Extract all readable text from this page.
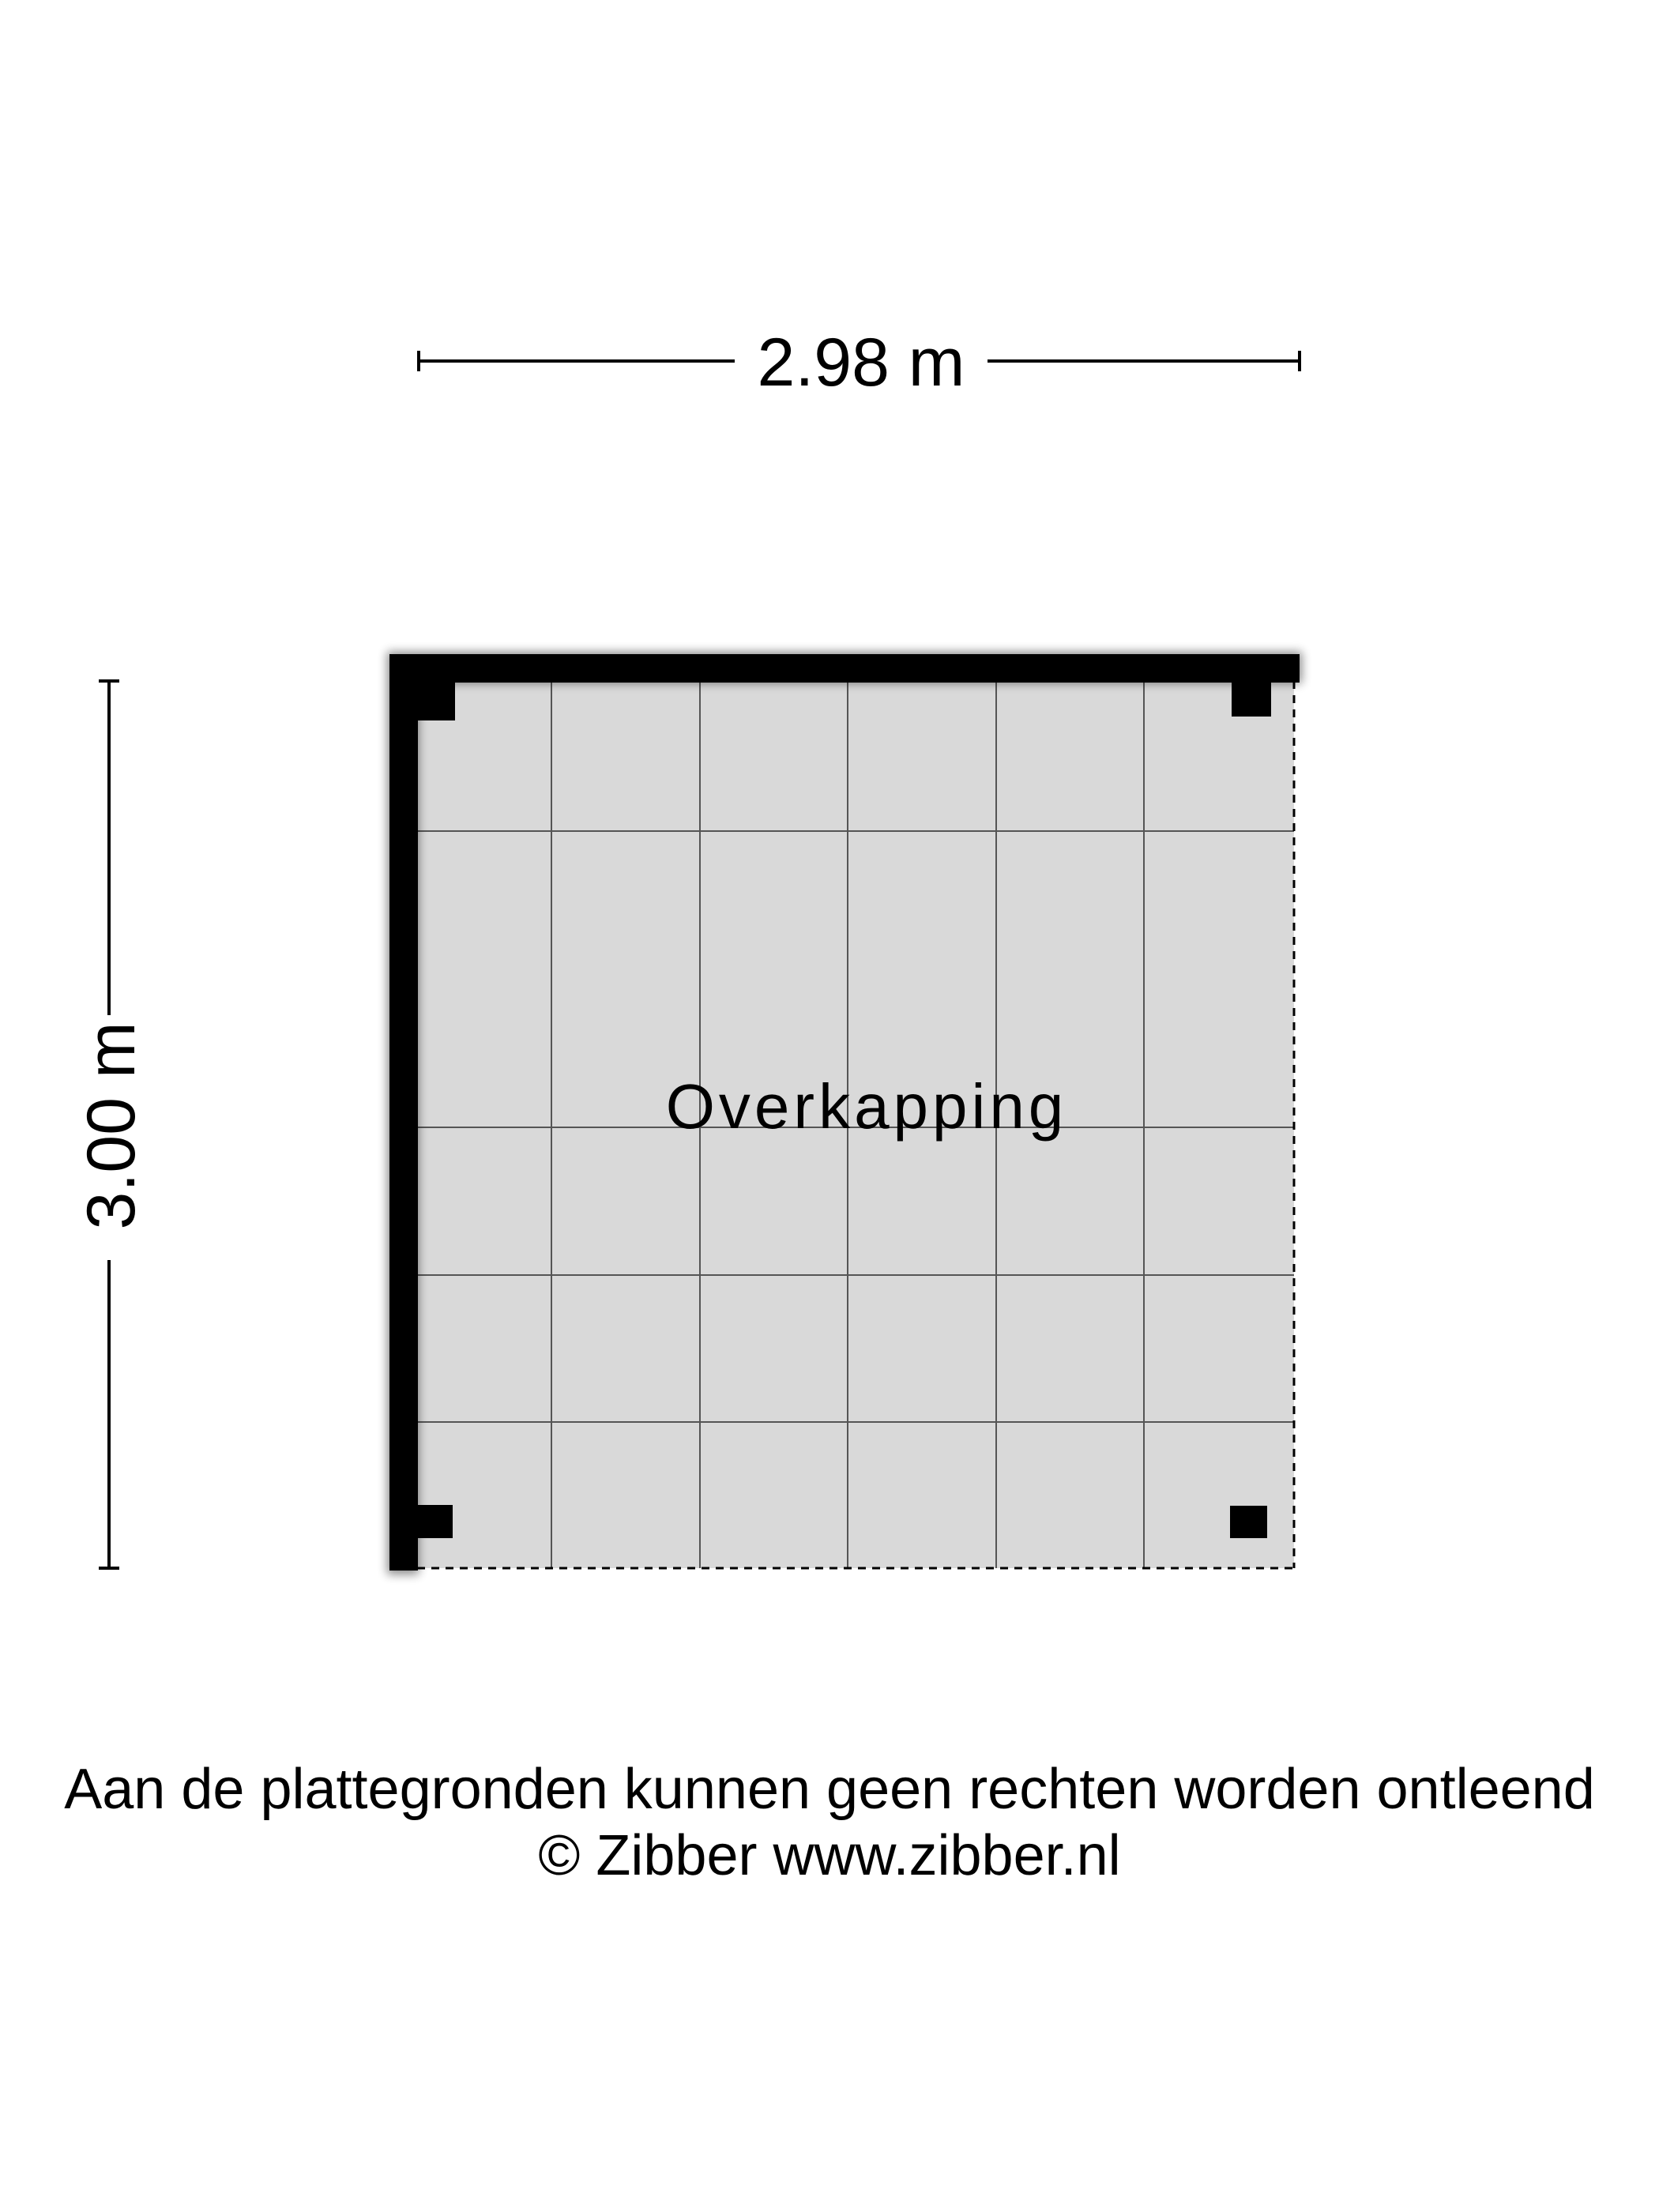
2.98 m
3.00 m	Overkapping
Aan de plattegronden kunnen geen rechten worden ontleend
© Zibber www.zibber.nl
